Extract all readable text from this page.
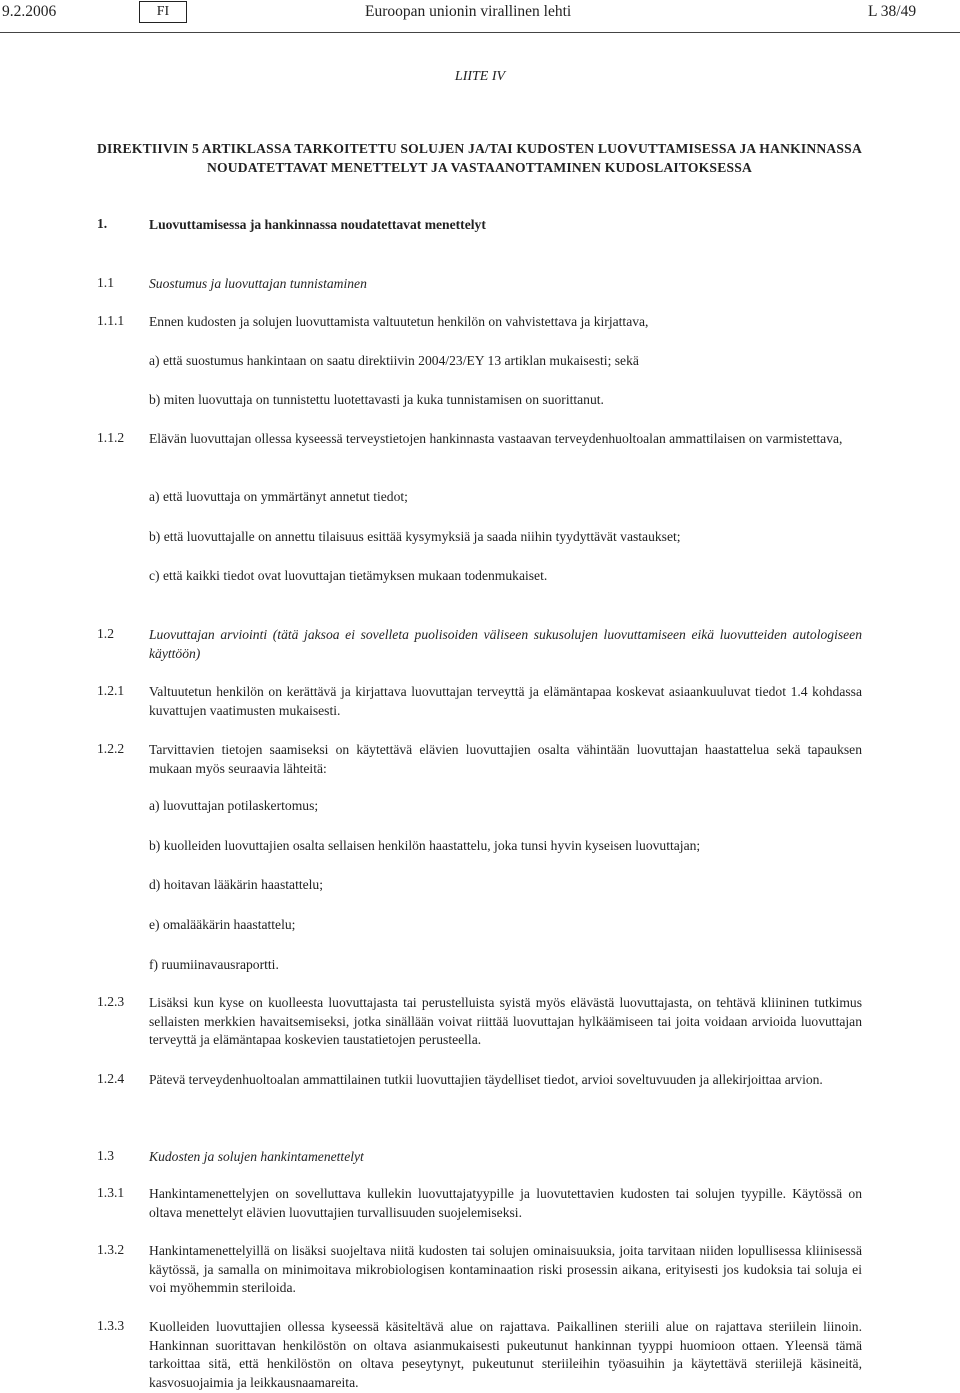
9.2.2006	FI	Euroopan unionin virallinen lehti	L 38/49
LIITE IV
DIREKTIIVIN 5 ARTIKLASSA TARKOITETTU SOLUJEN JA/TAI KUDOSTEN LUOVUTTAMISESSA JA HANKINNASSA NOUDATETTAVAT MENETTELYT JA VASTAANOTTAMINEN KUDOSLAITOKSESSA
1.	Luovuttamisessa ja hankinnassa noudatettavat menettelyt
1.1	Suostumus ja luovuttajan tunnistaminen
1.1.1 Ennen kudosten ja solujen luovuttamista valtuutetun henkilön on vahvistettava ja kirjattava,
a) että suostumus hankintaan on saatu direktiivin 2004/23/EY 13 artiklan mukaisesti; sekä
b) miten luovuttaja on tunnistettu luotettavasti ja kuka tunnistamisen on suorittanut.
1.1.2 Elävän luovuttajan ollessa kyseessä terveystietojen hankinnasta vastaavan terveydenhuoltoalan ammattilaisen on varmistettava,
a) että luovuttaja on ymmärtänyt annetut tiedot;
b) että luovuttajalle on annettu tilaisuus esittää kysymyksiä ja saada niihin tyydyttävät vastaukset;
c) että kaikki tiedot ovat luovuttajan tietämyksen mukaan todenmukaiset.
1.2	Luovuttajan arviointi (tätä jaksoa ei sovelleta puolisoiden väliseen sukusolujen luovuttamiseen eikä luovutteiden autologiseen käyttöön)
1.2.1 Valtuutetun henkilön on kerättävä ja kirjattava luovuttajan terveyttä ja elämäntapaa koskevat asiaankuuluvat tiedot 1.4 kohdassa kuvattujen vaatimusten mukaisesti.
1.2.2 Tarvittavien tietojen saamiseksi on käytettävä elävien luovuttajien osalta vähintään luovuttajan haastattelua sekä tapauksen mukaan myös seuraavia lähteitä:
a) luovuttajan potilaskertomus;
b) kuolleiden luovuttajien osalta sellaisen henkilön haastattelu, joka tunsi hyvin kyseisen luovuttajan;
d) hoitavan lääkärin haastattelu;
e) omalääkärin haastattelu;
f) ruumiinavausraportti.
1.2.3 Lisäksi kun kyse on kuolleesta luovuttajasta tai perustelluista syistä myös elävästä luovuttajasta, on tehtävä kliininen tutkimus sellaisten merkkien havaitsemiseksi, jotka sinällään voivat riittää luovuttajan hylkäämiseen tai joita voidaan arvioida luovuttajan terveyttä ja elämäntapaa koskevien taustatietojen perusteella.
1.2.4 Pätevä terveydenhuoltoalan ammattilainen tutkii luovuttajien täydelliset tiedot, arvioi soveltuvuuden ja allekirjoittaa arvion.
1.3	Kudosten ja solujen hankintamenettelyt
1.3.1 Hankintamenettelyjen on sovelluttava kullekin luovuttajatyypille ja luovutettavien kudosten tai solujen tyypille. Käytössä on oltava menettelyt elävien luovuttajien turvallisuuden suojelemiseksi.
1.3.2 Hankintamenettelyillä on lisäksi suojeltava niitä kudosten tai solujen ominaisuuksia, joita tarvitaan niiden lopullisessa kliinisessä käytössä, ja samalla on minimoitava mikrobiologisen kontaminaation riski prosessin aikana, erityisesti jos kudoksia tai soluja ei voi myöhemmin steriloida.
1.3.3 Kuolleiden luovuttajien ollessa kyseessä käsiteltävä alue on rajattava. Paikallinen steriili alue on rajattava steriilein liinoin. Hankinnan suorittavan henkilöstön on oltava asianmukaisesti pukeutunut hankinnan tyyppi huomioon ottaen. Yleensä tämä tarkoittaa sitä, että henkilöstön on oltava peseytynyt, pukeutunut steriileihin työasuihin ja käytettävä steriilejä käsineitä, kasvosuojaimia ja leikkausnaamareita.
